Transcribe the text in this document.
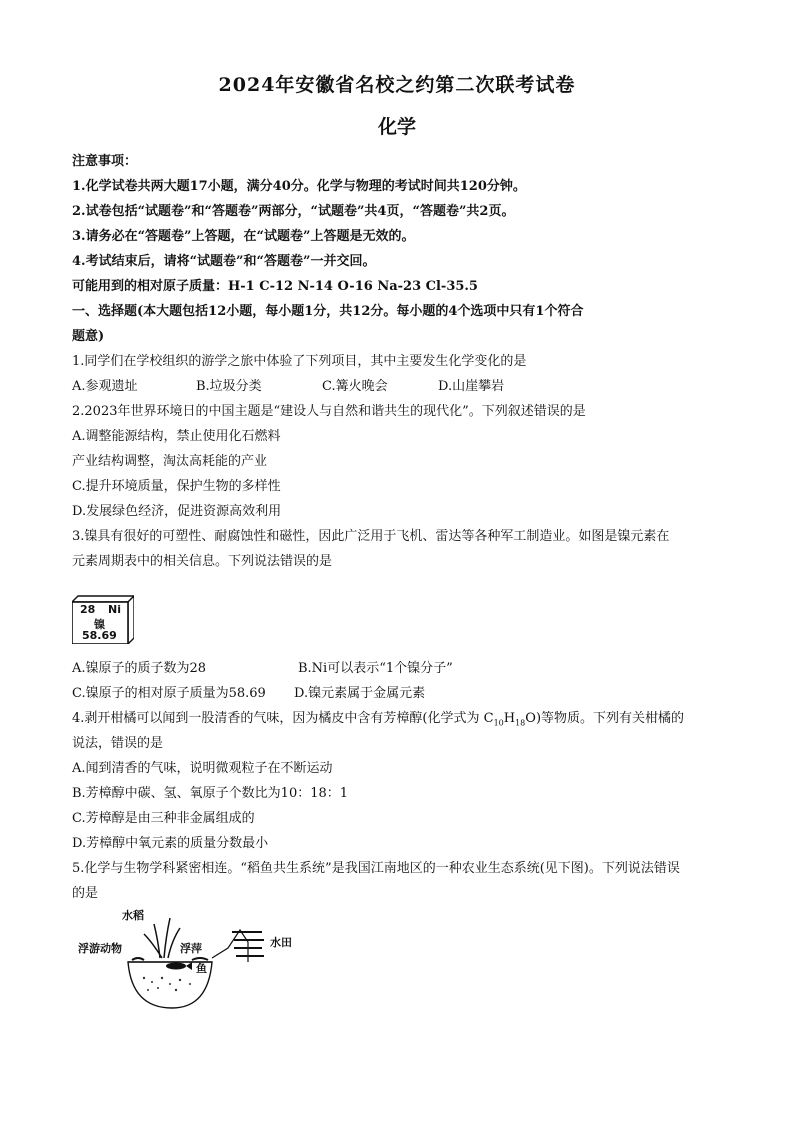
2024年安徽省名校之约第二次联考试卷
化学
注意事项：
1.化学试卷共两大题17小题，满分40分。化学与物理的考试时间共120分钟。
2.试卷包括“试题卷”和“答题卷”两部分，“试题卷”共4页，“答题卷”共2页。
3.请务必在“答题卷”上答题，在“试题卷”上答题是无效的。
4.考试结束后，请将“试题卷”和“答题卷”一并交回。
可能用到的相对原子质量：H-1 C-12 N-14 O-16 Na-23 Cl-35.5
一、选择题(本大题包括12小题，每小题1分，共12分。每小题的4个选项中只有1个符合
题意)
1.同学们在学校组织的游学之旅中体验了下列项目，其中主要发生化学变化的是
A.参观遗址	B.垃圾分类	C.篝火晚会	D.山崖攀岩
2.2023年世界环境日的中国主题是“建设人与自然和谐共生的现代化”。下列叙述错误的是
A.调整能源结构，禁止使用化石燃料
产业结构调整，淘汰高耗能的产业
C.提升环境质量，保护生物的多样性
D.发展绿色经济，促进资源高效利用
3.镍具有很好的可塑性、耐腐蚀性和磁性，因此广泛用于飞机、雷达等各种军工制造业。如图是镍元素在
元素周期表中的相关信息。下列说法错误的是
28 Ni
镍
58.69
A.镍原子的质子数为28	B.Ni可以表示“1个镍分子”
C.镍原子的相对原子质量为58.69 D.镍元素属于金属元素
4.剥开柑橘可以闻到一股清香的气味，因为橘皮中含有芳樟醇(化学式为 $C_{10}H_{18}O$)等物质。下列有关柑橘的
说法，错误的是
A.闻到清香的气味，说明微观粒子在不断运动
B.芳樟醇中碳、氢、氧原子个数比为10：18：1
C.芳樟醇是由三种非金属组成的
D.芳樟醇中氧元素的质量分数最小
5.化学与生物学科紧密相连。“稻鱼共生系统”是我国江南地区的一种农业生态系统(见下图)。下列说法错误
的是
水稻
浮游动物	浮萍	水田
鱼
